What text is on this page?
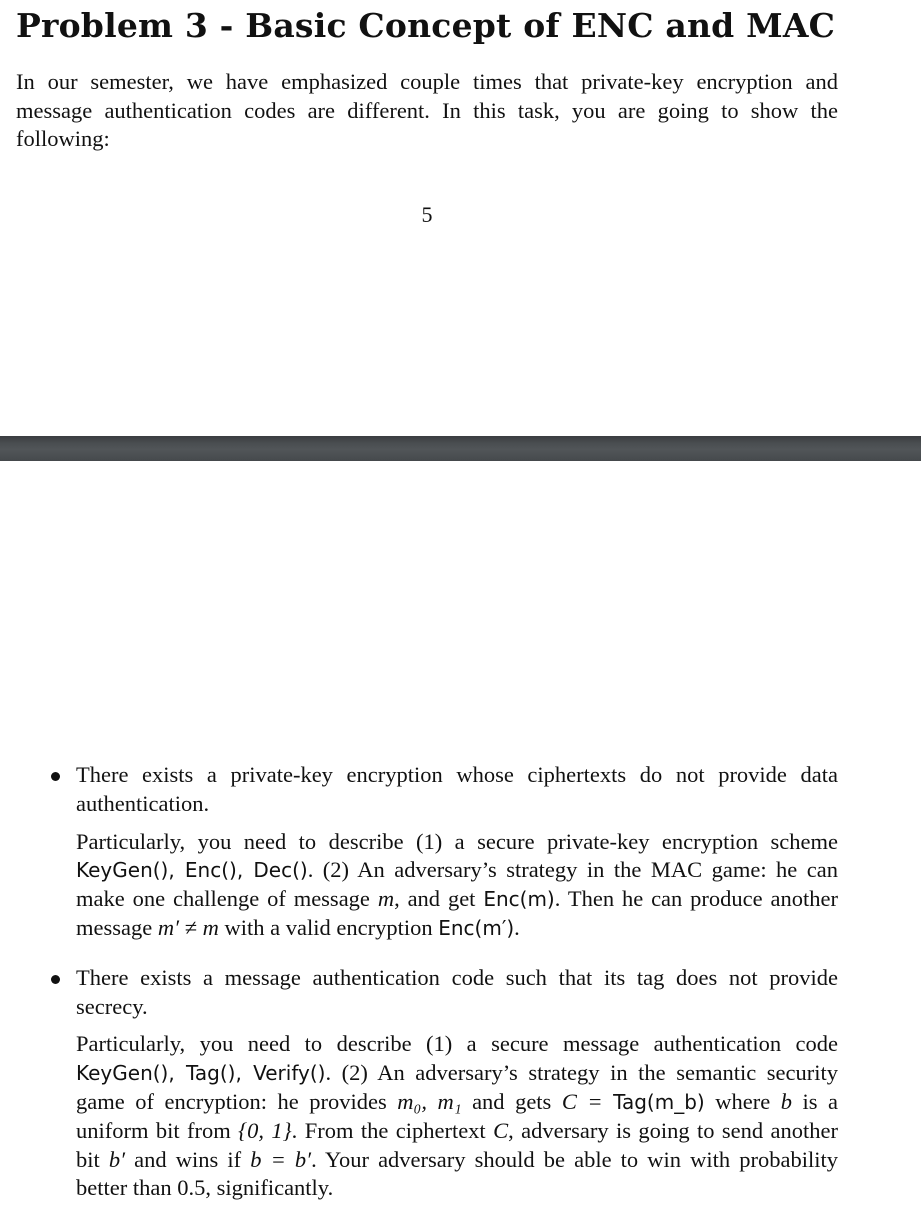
Problem 3 - Basic Concept of ENC and MAC

In our semester, we have emphasized couple times that private-key encryption and message authentication codes are different. In this task, you are going to show the following:

5

There exists a private-key encryption whose ciphertexts do not provide data authentication.

Particularly, you need to describe (1) a secure private-key encryption scheme KeyGen(), Enc(), Dec(). (2) An adversary’s strategy in the MAC game: he can make one challenge of message m, and get Enc(m). Then he can produce another message m′ ≠ m with a valid encryption Enc(m′).

There exists a message authentication code such that its tag does not provide secrecy.

Particularly, you need to describe (1) a secure message authentication code KeyGen(), Tag(), Verify(). (2) An adversary’s strategy in the semantic security game of encryption: he provides m₀, m₁ and gets C = Tag(m_b) where b is a uniform bit from {0, 1}. From the ciphertext C, adversary is going to send another bit b′ and wins if b = b′. Your adversary should be able to win with probability better than 0.5, significantly.
